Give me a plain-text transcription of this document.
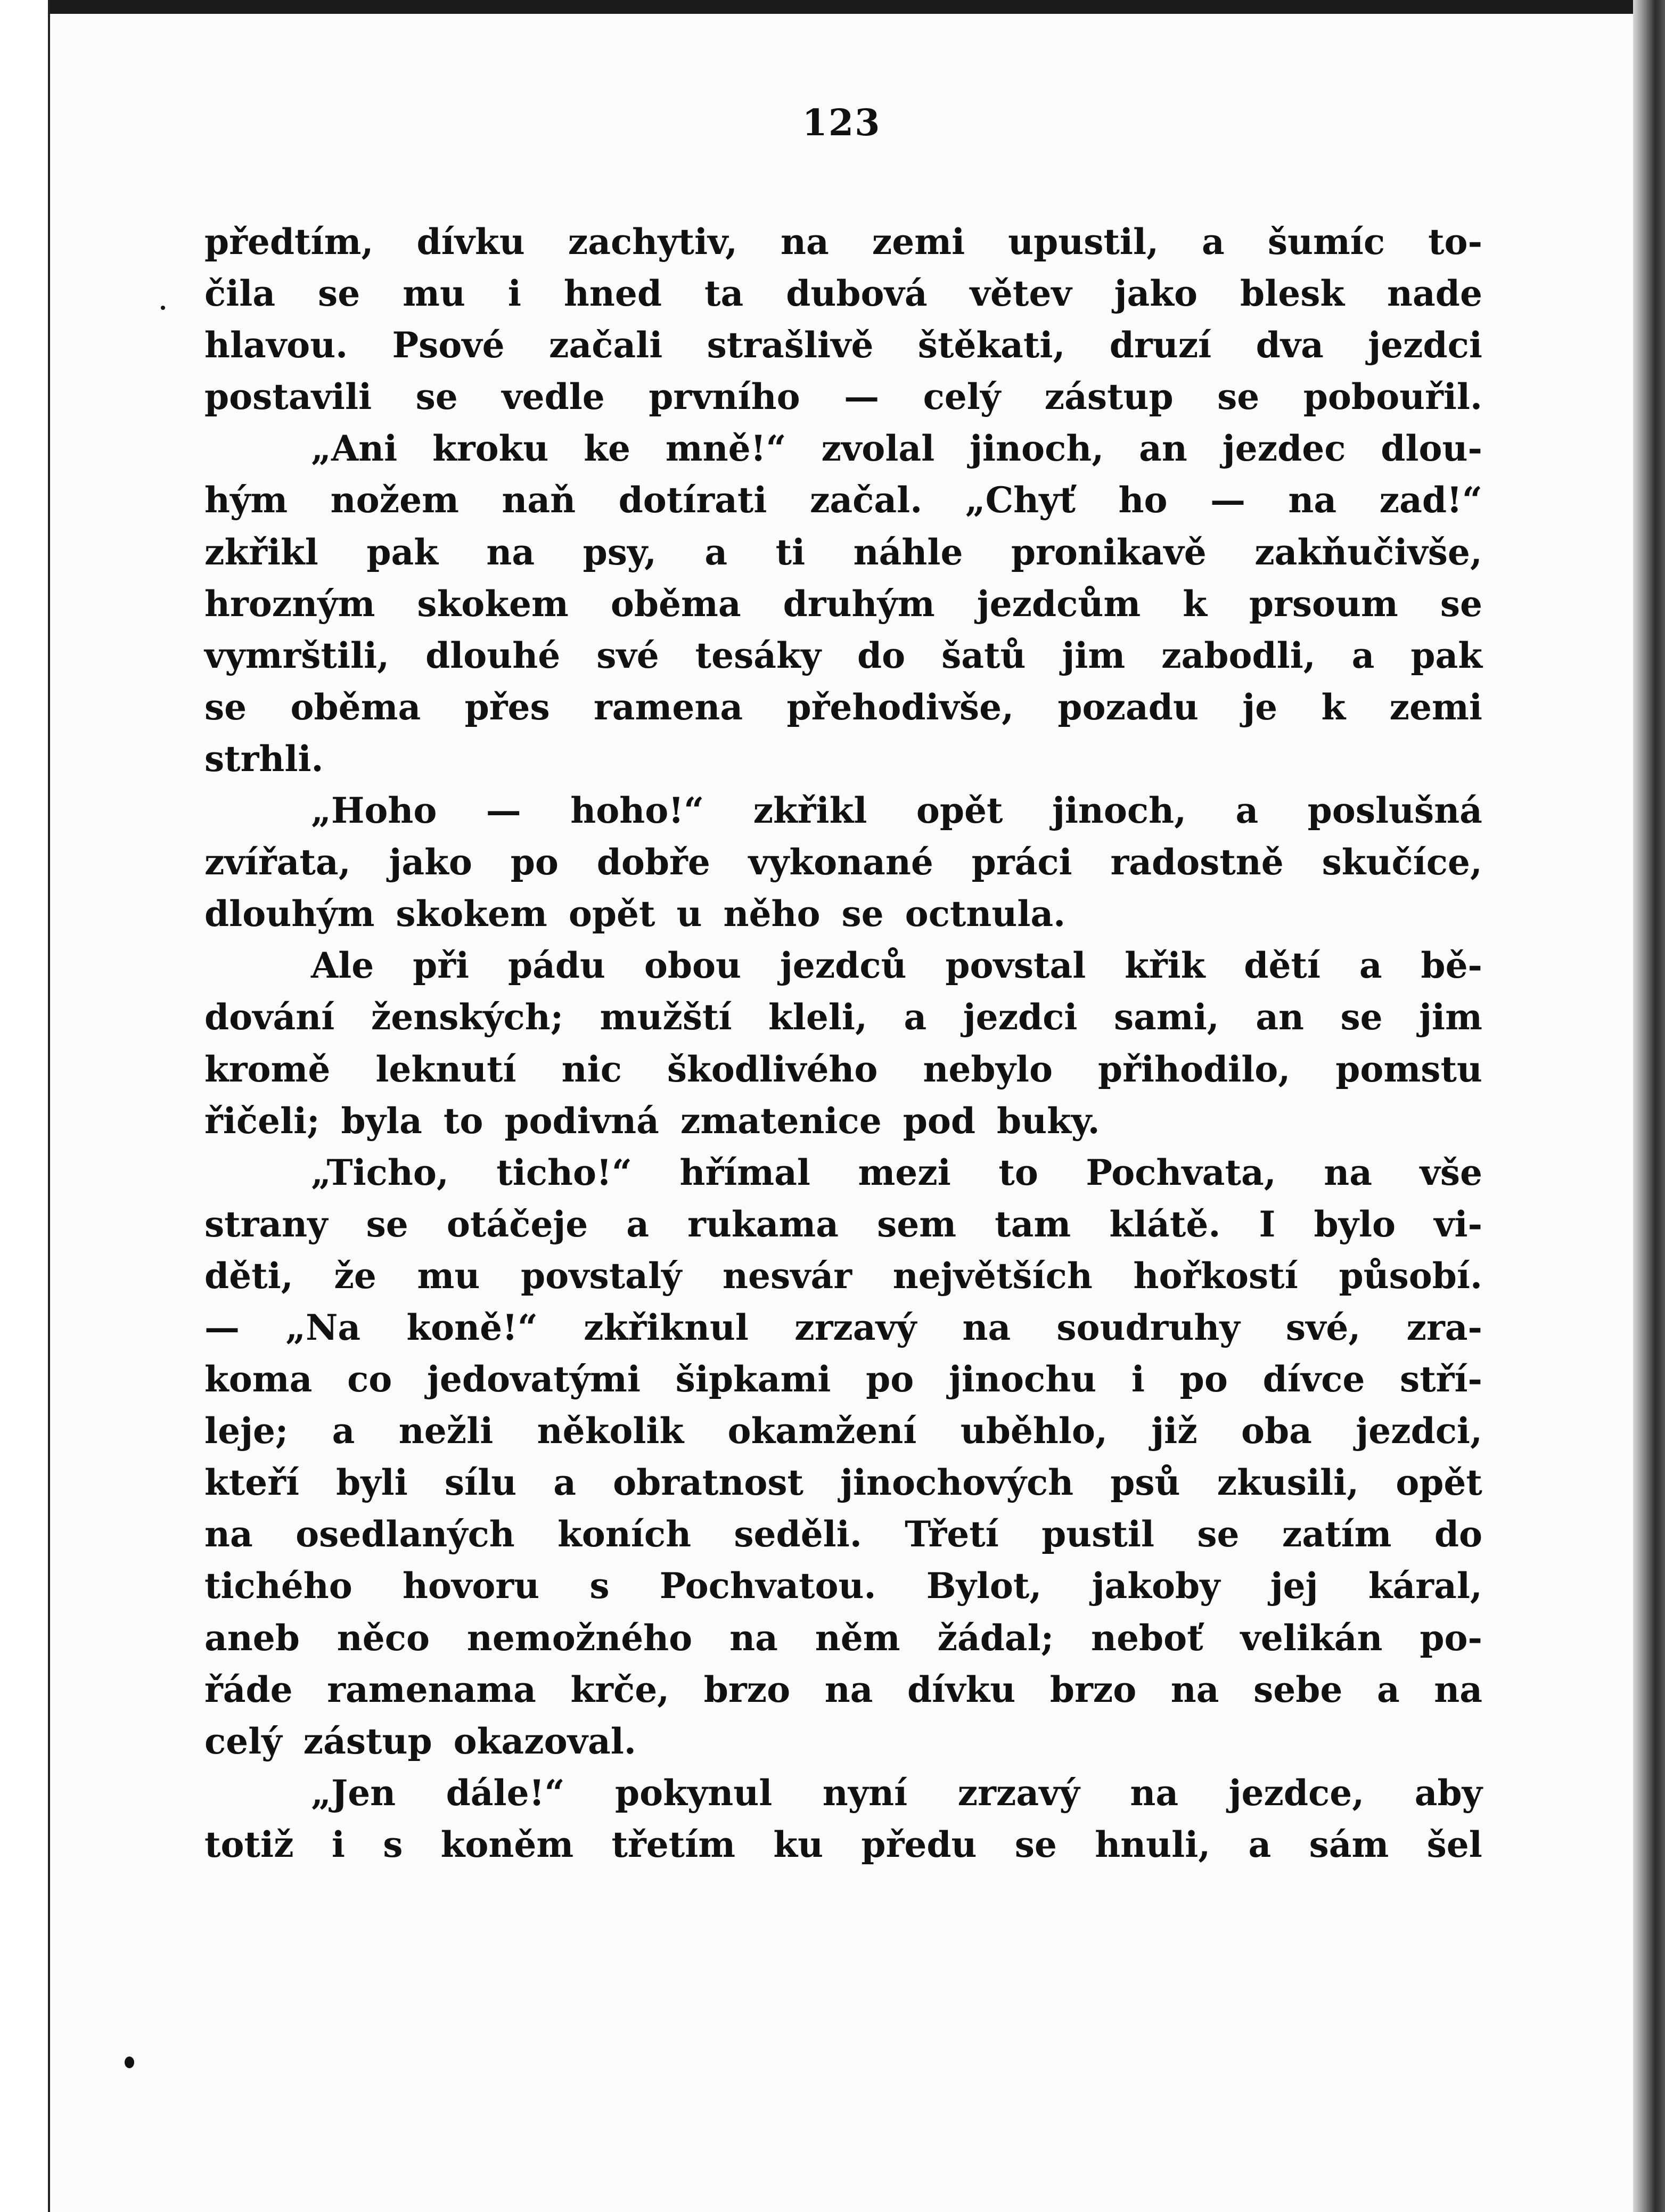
123
předtím, dívku zachytiv, na zemi upustil, a šumíc to-
čila se mu i hned ta dubová větev jako blesk nade
hlavou. Psové začali strašlivě štěkati, druzí dva jezdci
postavili se vedle prvního — celý zástup se pobouřil.
„Ani kroku ke mně!“ zvolal jinoch, an jezdec dlou-
hým nožem naň dotírati začal. „Chyť ho — na zad!“
zkřikl pak na psy, a ti náhle pronikavě zakňučivše,
hrozným skokem oběma druhým jezdcům k prsoum se
vymrštili, dlouhé své tesáky do šatů jim zabodli, a pak
se oběma přes ramena přehodivše, pozadu je k zemi
strhli.
„Hoho — hoho!“ zkřikl opět jinoch, a poslušná
zvířata, jako po dobře vykonané práci radostně skučíce,
dlouhým skokem opět u něho se octnula.
Ale při pádu obou jezdců povstal křik dětí a bě-
dování ženských; mužští kleli, a jezdci sami, an se jim
kromě leknutí nic škodlivého nebylo přihodilo, pomstu
řičeli; byla to podivná zmatenice pod buky.
„Ticho, ticho!“ hřímal mezi to Pochvata, na vše
strany se otáčeje a rukama sem tam klátě. I bylo vi-
děti, že mu povstalý nesvár největších hořkostí působí.
— „Na koně!“ zkřiknul zrzavý na soudruhy své, zra-
koma co jedovatými šipkami po jinochu i po dívce stří-
leje; a nežli několik okamžení uběhlo, již oba jezdci,
kteří byli sílu a obratnost jinochových psů zkusili, opět
na osedlaných koních seděli. Třetí pustil se zatím do
tichého hovoru s Pochvatou. Bylot, jakoby jej káral,
aneb něco nemožného na něm žádal; neboť velikán po-
řáde ramenama krče, brzo na dívku brzo na sebe a na
celý zástup okazoval.
„Jen dále!“ pokynul nyní zrzavý na jezdce, aby
totiž i s koněm třetím ku předu se hnuli, a sám šel
